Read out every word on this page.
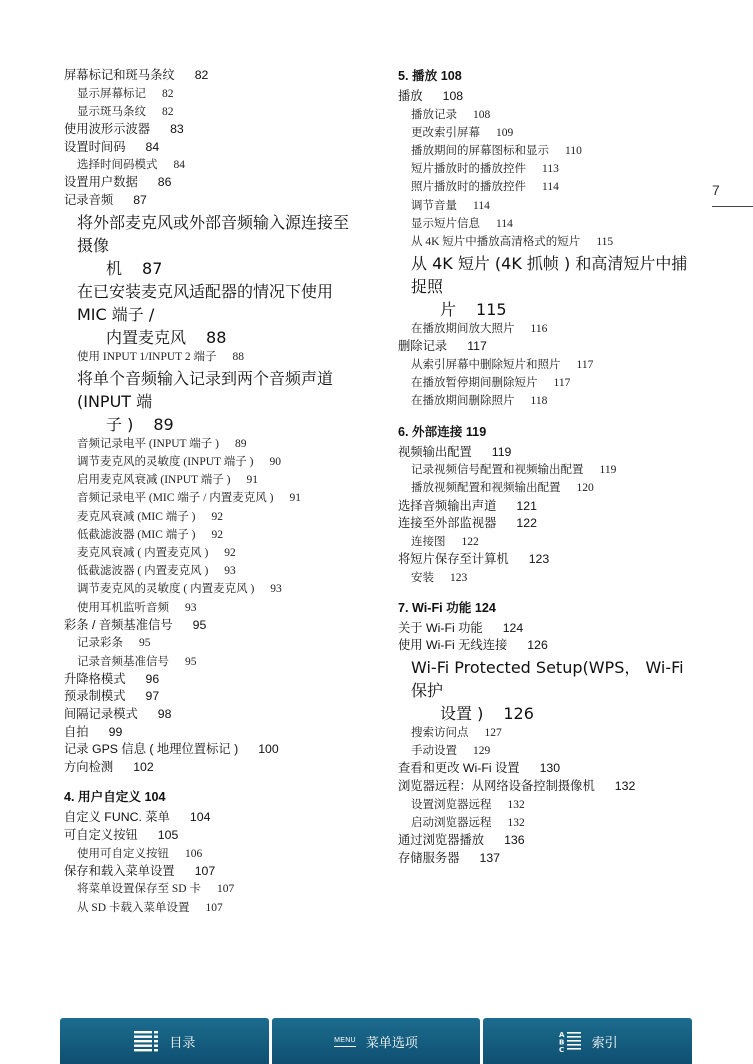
屏幕标记和斑马条纹 82
显示屏幕标记 82
显示斑马条纹 82
使用波形示波器 83
设置时间码 84
选择时间码模式 84
设置用户数据 86
记录音频 87
将外部麦克风或外部音频输入源连接至摄像
机 87
在已安装麦克风适配器的情况下使用 MIC 端子 /
内置麦克风 88
使用 INPUT 1/INPUT 2 端子 88
将单个音频输入记录到两个音频声道 (INPUT 端
子 ) 89
音频记录电平 (INPUT 端子 ) 89
调节麦克风的灵敏度 (INPUT 端子 ) 90
启用麦克风衰减 (INPUT 端子 ) 91
音频记录电平 (MIC 端子 / 内置麦克风 ) 91
麦克风衰减 (MIC 端子 ) 92
低截滤波器 (MIC 端子 ) 92
麦克风衰减 ( 内置麦克风 ) 92
低截滤波器 ( 内置麦克风 ) 93
调节麦克风的灵敏度 ( 内置麦克风 ) 93
使用耳机监听音频 93
彩条 / 音频基准信号 95
记录彩条 95
记录音频基准信号 95
升降格模式 96
预录制模式 97
间隔记录模式 98
自拍 99
记录 GPS 信息 ( 地理位置标记 ) 100
方向检测 102
4. 用户自定义 104
自定义 FUNC. 菜单 104
可自定义按钮 105
使用可自定义按钮 106
保存和载入菜单设置 107
将菜单设置保存至 SD 卡 107
从 SD 卡载入菜单设置 107
5. 播放 108
播放 108
播放记录 108
更改索引屏幕 109
播放期间的屏幕图标和显示 110
短片播放时的播放控件 113
照片播放时的播放控件 114
调节音量 114
显示短片信息 114
从 4K 短片中播放高清格式的短片 115
从 4K 短片 (4K 抓帧 ) 和高清短片中捕捉照
片 115
在播放期间放大照片 116
删除记录 117
从索引屏幕中删除短片和照片 117
在播放暂停期间删除短片 117
在播放期间删除照片 118
6. 外部连接 119
视频输出配置 119
记录视频信号配置和视频输出配置 119
播放视频配置和视频输出配置 120
选择音频输出声道 121
连接至外部监视器 122
连接图 122
将短片保存至计算机 123
安装 123
7. Wi-Fi 功能 124
关于 Wi-Fi 功能 124
使用 Wi-Fi 无线连接 126
Wi-Fi Protected Setup(WPS， Wi-Fi 保护
设置 ) 126
搜索访问点 127
手动设置 129
查看和更改 Wi-Fi 设置 130
浏览器远程：从网络设备控制摄像机 132
设置浏览器远程 132
启动浏览器远程 132
通过浏览器播放 136
存储服务器 137
7
目录	MENU 菜单选项	A
B
C
索引
